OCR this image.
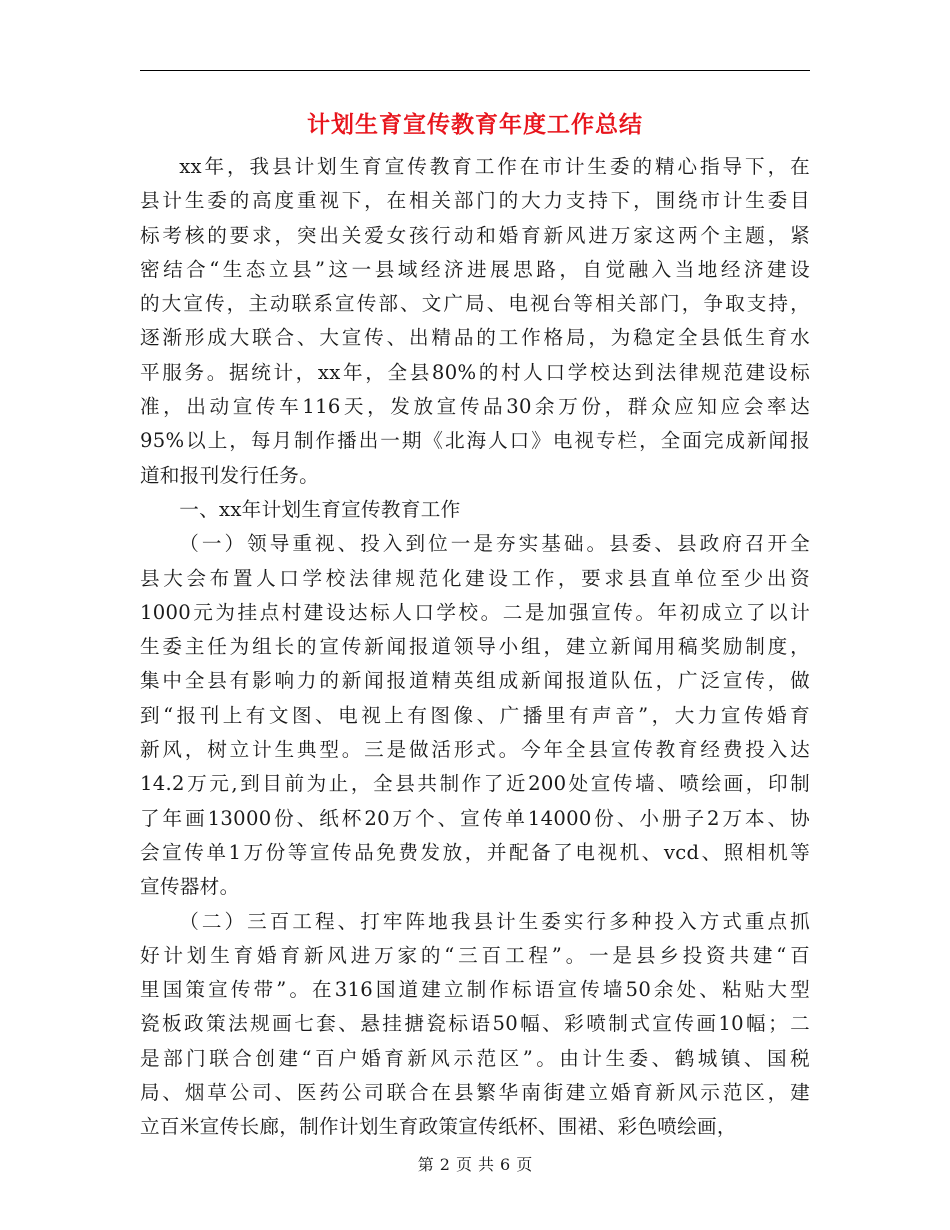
计划生育宣传教育年度工作总结

xx年，我县计划生育宣传教育工作在市计生委的精心指导下，在
县计生委的高度重视下，在相关部门的大力支持下，围绕市计生委目
标考核的要求，突出关爱女孩行动和婚育新风进万家这两个主题，紧
密结合“生态立县”这一县域经济进展思路，自觉融入当地经济建设
的大宣传，主动联系宣传部、文广局、电视台等相关部门，争取支持，
逐渐形成大联合、大宣传、出精品的工作格局，为稳定全县低生育水
平服务。据统计，xx年，全县80%的村人口学校达到法律规范建设标
准，出动宣传车116天，发放宣传品30余万份，群众应知应会率达
95%以上，每月制作播出一期《北海人口》电视专栏，全面完成新闻报
道和报刊发行任务。

一、xx年计划生育宣传教育工作

（一）领导重视、投入到位一是夯实基础。县委、县政府召开全
县大会布置人口学校法律规范化建设工作，要求县直单位至少出资
1000元为挂点村建设达标人口学校。二是加强宣传。年初成立了以计
生委主任为组长的宣传新闻报道领导小组，建立新闻用稿奖励制度，
集中全县有影响力的新闻报道精英组成新闻报道队伍，广泛宣传，做
到“报刊上有文图、电视上有图像、广播里有声音”，大力宣传婚育
新风，树立计生典型。三是做活形式。今年全县宣传教育经费投入达
14.2万元,到目前为止，全县共制作了近200处宣传墙、喷绘画，印制
了年画13000份、纸杯20万个、宣传单14000份、小册子2万本、协
会宣传单1万份等宣传品免费发放，并配备了电视机、vcd、照相机等
宣传器材。

（二）三百工程、打牢阵地我县计生委实行多种投入方式重点抓
好计划生育婚育新风进万家的“三百工程”。一是县乡投资共建“百
里国策宣传带”。在316国道建立制作标语宣传墙50余处、粘贴大型
瓷板政策法规画七套、悬挂搪瓷标语50幅、彩喷制式宣传画10幅；二
是部门联合创建“百户婚育新风示范区”。由计生委、鹤城镇、国税
局、烟草公司、医药公司联合在县繁华南街建立婚育新风示范区，建
立百米宣传长廊，制作计划生育政策宣传纸杯、围裙、彩色喷绘画，

第 2 页 共 6 页
